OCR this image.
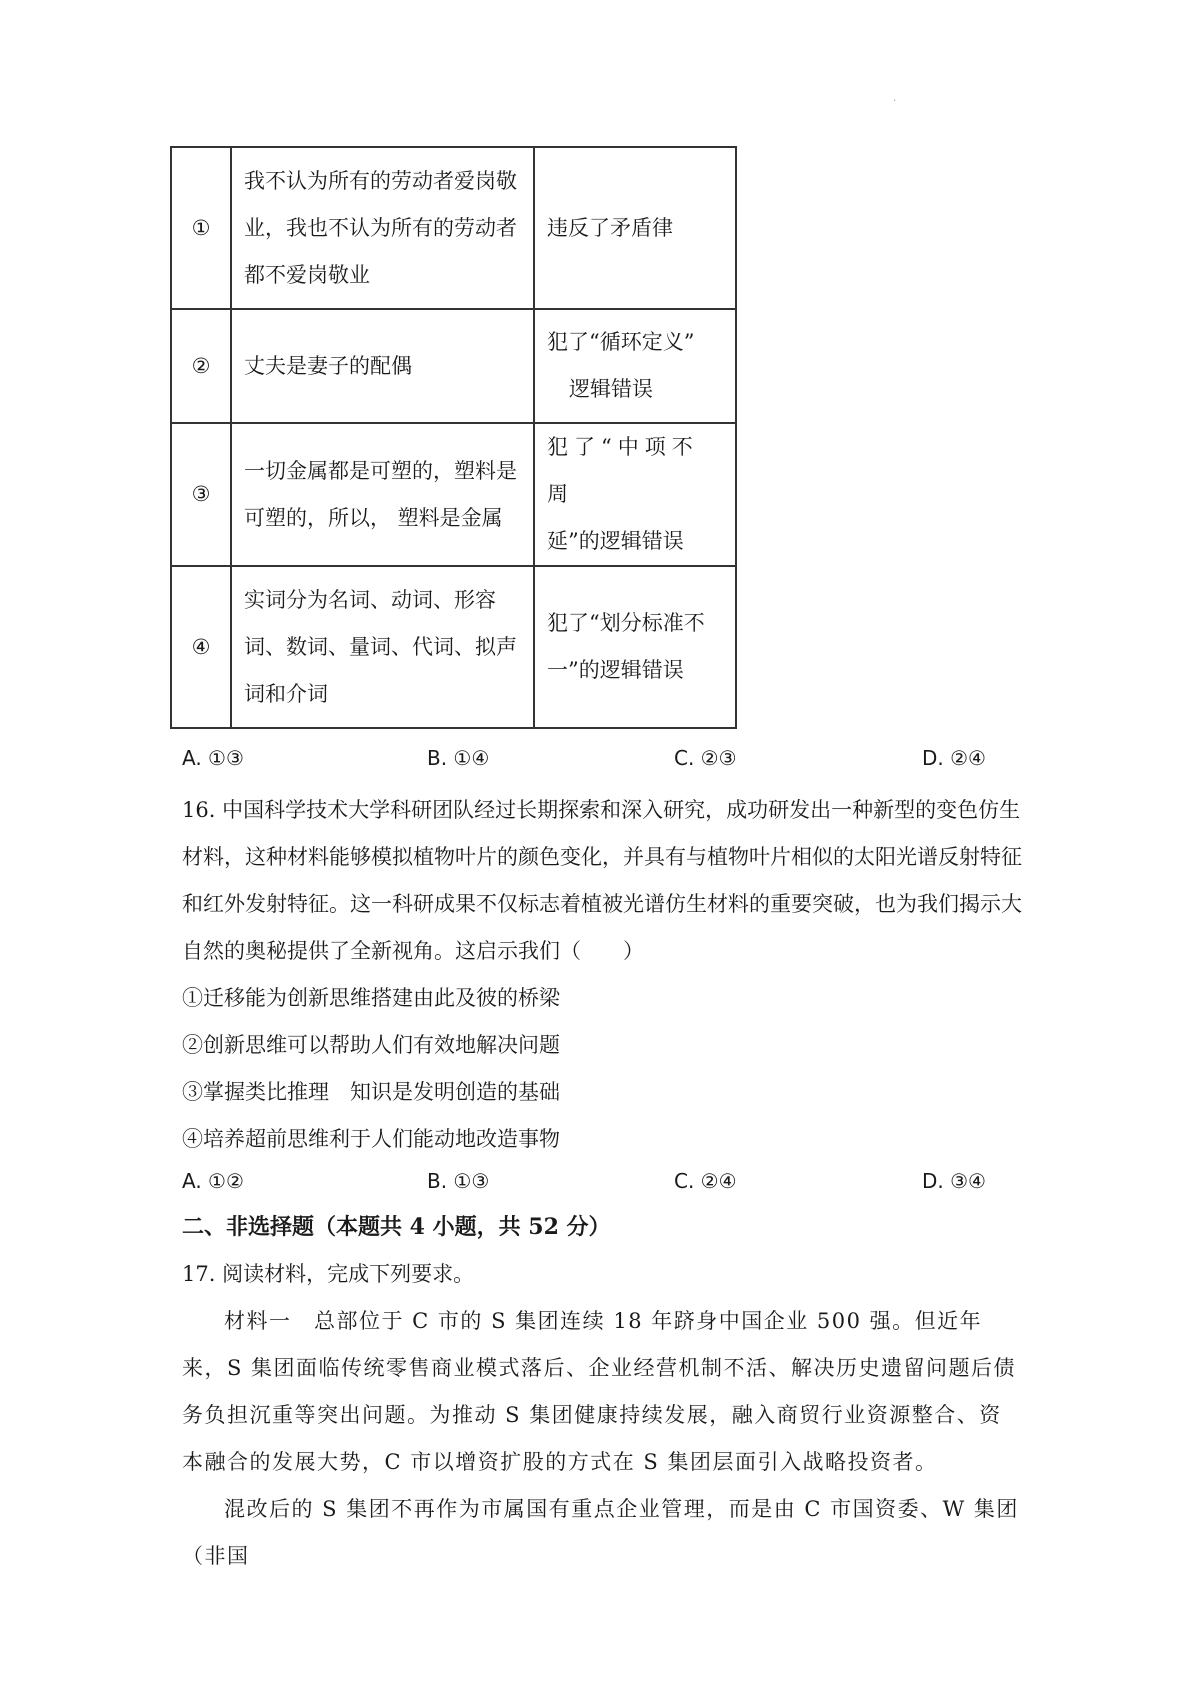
·
①	我不认为所有的劳动者爱岗敬业，我也不认为所有的劳动者都不爱岗敬业	违反了矛盾律
②	丈夫是妻子的配偶	犯了“循环定义”
逻辑错误

③	一切金属都是可塑的，塑料是可塑的，所以， 塑料是金属	犯了“中项不周
延”的逻辑错误

④	实词分为名词、动词、形容词、数词、量词、代词、拟声词和介词	犯了“划分标准不
一”的逻辑错误
A. ①③	B. ①④	C. ②③	D. ②④

16. 中国科学技术大学科研团队经过长期探索和深入研究，成功研发出一种新型的变色仿生材料，这种材料能够模拟植物叶片的颜色变化，并具有与植物叶片相似的太阳光谱反射特征和红外发射特征。这一科研成果不仅标志着植被光谱仿生材料的重要突破，也为我们揭示大自然的奥秘提供了全新视角。这启示我们（　　）

①迁移能为创新思维搭建由此及彼的桥梁
②创新思维可以帮助人们有效地解决问题
③掌握类比推理　知识是发明创造的基础
④培养超前思维利于人们能动地改造事物
A. ①②	B. ①③	C. ②④	D. ③④
二、非选择题（本题共 4 小题，共 52 分）
17. 阅读材料，完成下列要求。

材料一　总部位于 C 市的 S 集团连续 18 年跻身中国企业 500 强。但近年来，S 集团面临传统零售商业模式落后、企业经营机制不活、解决历史遗留问题后债务负担沉重等突出问题。为推动 S 集团健康持续发展，融入商贸行业资源整合、资本融合的发展大势，C 市以增资扩股的方式在 S 集团层面引入战略投资者。

混改后的 S 集团不再作为市属国有重点企业管理，而是由 C 市国资委、W 集团（非国
